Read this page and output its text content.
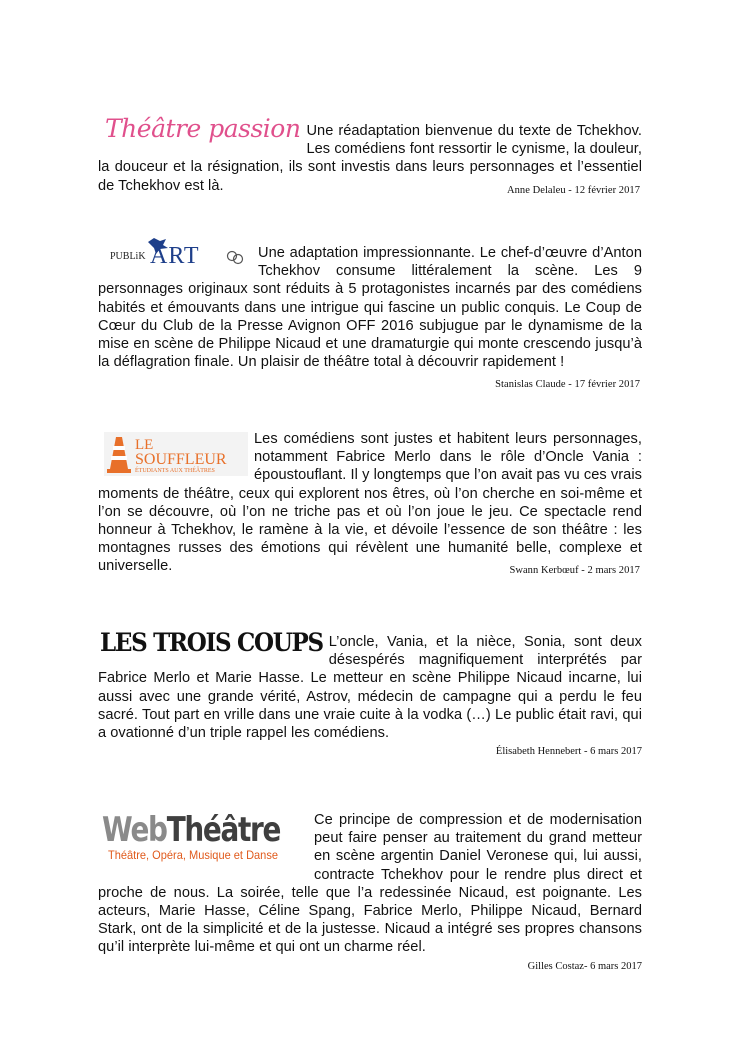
Théâtre passion Une réadaptation bienvenue du texte de Tchekhov. Les comédiens font ressortir le cynisme, la douleur, la douceur et la résignation, ils sont investis dans leurs personnages et l’essentiel de Tchekhov est là.	Anne Delaleu - 12 février 2017

PUBLiK ART	Une adaptation impressionnante. Le chef-d’œuvre d’Anton Tchekhov consume littéralement la scène. Les 9 personnages originaux sont réduits à 5 protagonistes incarnés par des comédiens habités et émouvants dans une intrigue qui fascine un public conquis. Le Coup de Cœur du Club de la Presse Avignon OFF 2016 subjugue par le dynamisme de la mise en scène de Philippe Nicaud et une dramaturgie qui monte crescendo jusqu’à la déflagration finale. Un plaisir de théâtre total à découvrir rapidement !
Stanislas Claude - 17 février 2017

LE
SOUFFLEUR
ÉTUDIANTS AUX THÉÂTRES

Les comédiens sont justes et habitent leurs personnages, notamment Fabrice Merlo dans le rôle d’Oncle Vania : époustouflant. Il y longtemps que l’on avait pas vu ces vrais moments de théâtre, ceux qui explorent nos êtres, où l’on cherche en soi-même et l’on se découvre, où l’on ne triche pas et où l’on joue le jeu. Ce spectacle rend honneur à Tchekhov, le ramène à la vie, et dévoile l’essence de son théâtre : les montagnes russes des émotions qui révèlent une humanité belle, complexe et universelle.	Swann Kerbœuf - 2 mars 2017

LES TROIS COUPS L’oncle, Vania, et la nièce, Sonia, sont deux désespérés magnifiquement interprétés par Fabrice Merlo et Marie Hasse. Le metteur en scène Philippe Nicaud incarne, lui aussi avec une grande vérité, Astrov, médecin de campagne qui a perdu le feu sacré. Tout part en vrille dans une vraie cuite à la vodka (…) Le public était ravi, qui a ovationné d’un triple rappel les comédiens.

Élisabeth Hennebert - 6 mars 2017
WebThéâtre
Théâtre, Opéra, Musique et Danse

Ce principe de compression et de modernisation peut faire penser au traitement du grand metteur en scène argentin Daniel Veronese qui, lui aussi, contracte Tchekhov pour le rendre plus direct et proche de nous. La soirée, telle que l’a redessinée Nicaud, est poignante. Les acteurs, Marie Hasse, Céline Spang, Fabrice Merlo, Philippe Nicaud, Bernard Stark, ont de la simplicité et de la justesse. Nicaud a intégré ses propres chansons qu’il interprète lui-même et qui ont un charme réel.

Gilles Costaz- 6 mars 2017
